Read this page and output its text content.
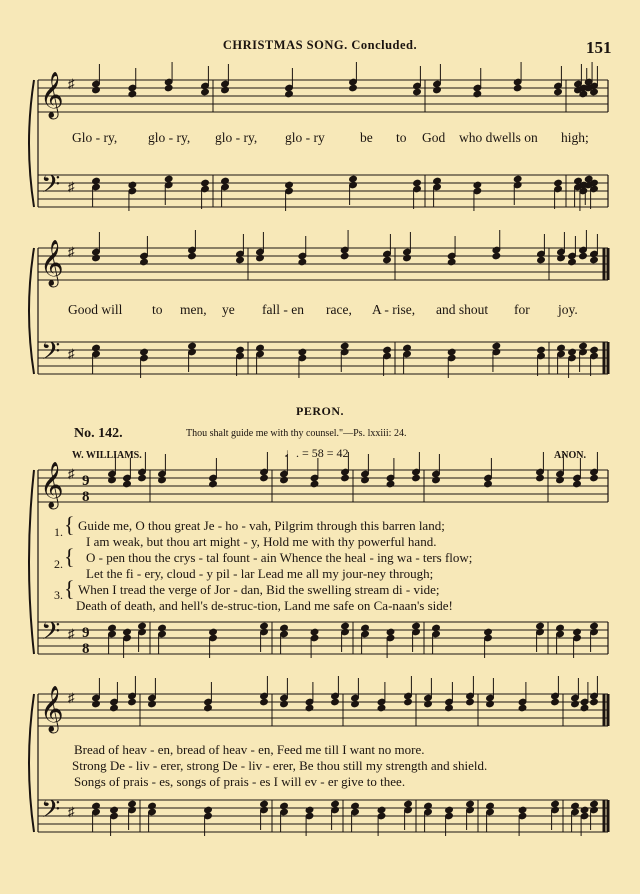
CHRISTMAS SONG. Concluded.	151
𝄞
𝄢
♯
♯
𝄞
𝄢
♯
♯
𝄞
𝄢
♯
♯
9
8
9
8
𝄞
𝄢
♯
♯
Glo - ry, glo - ry, glo - ry, glo - ry	be to God who dwells on high;
Good will to men, ye fall - en race, A - rise, and shout for joy.
PERON.
No. 142.	Thou shalt guide me with thy counsel."—Ps. lxxiii: 24.
W. WILLIAMS.	ANON.
♩. = 58 = 42
1.
2.
3.
{
{
{
Guide me, O thou great Je - ho - vah, Pilgrim through this barren land;
I am weak, but thou art might - y, Hold me with thy powerful hand.
O - pen thou the crys - tal fount - ain Whence the heal - ing wa - ters flow;
Let the fi - ery, cloud - y pil - lar Lead me all my jour-ney through;
When I tread the verge of Jor - dan, Bid the swelling stream di - vide;
Death of death, and hell's de-struc-tion, Land me safe on Ca-naan's side!
Bread of heav - en, bread of heav - en, Feed me till I want no more.
Strong De - liv - erer, strong De - liv - erer, Be thou still my strength and shield.
Songs of prais - es, songs of prais - es I will ev - er give to thee.
